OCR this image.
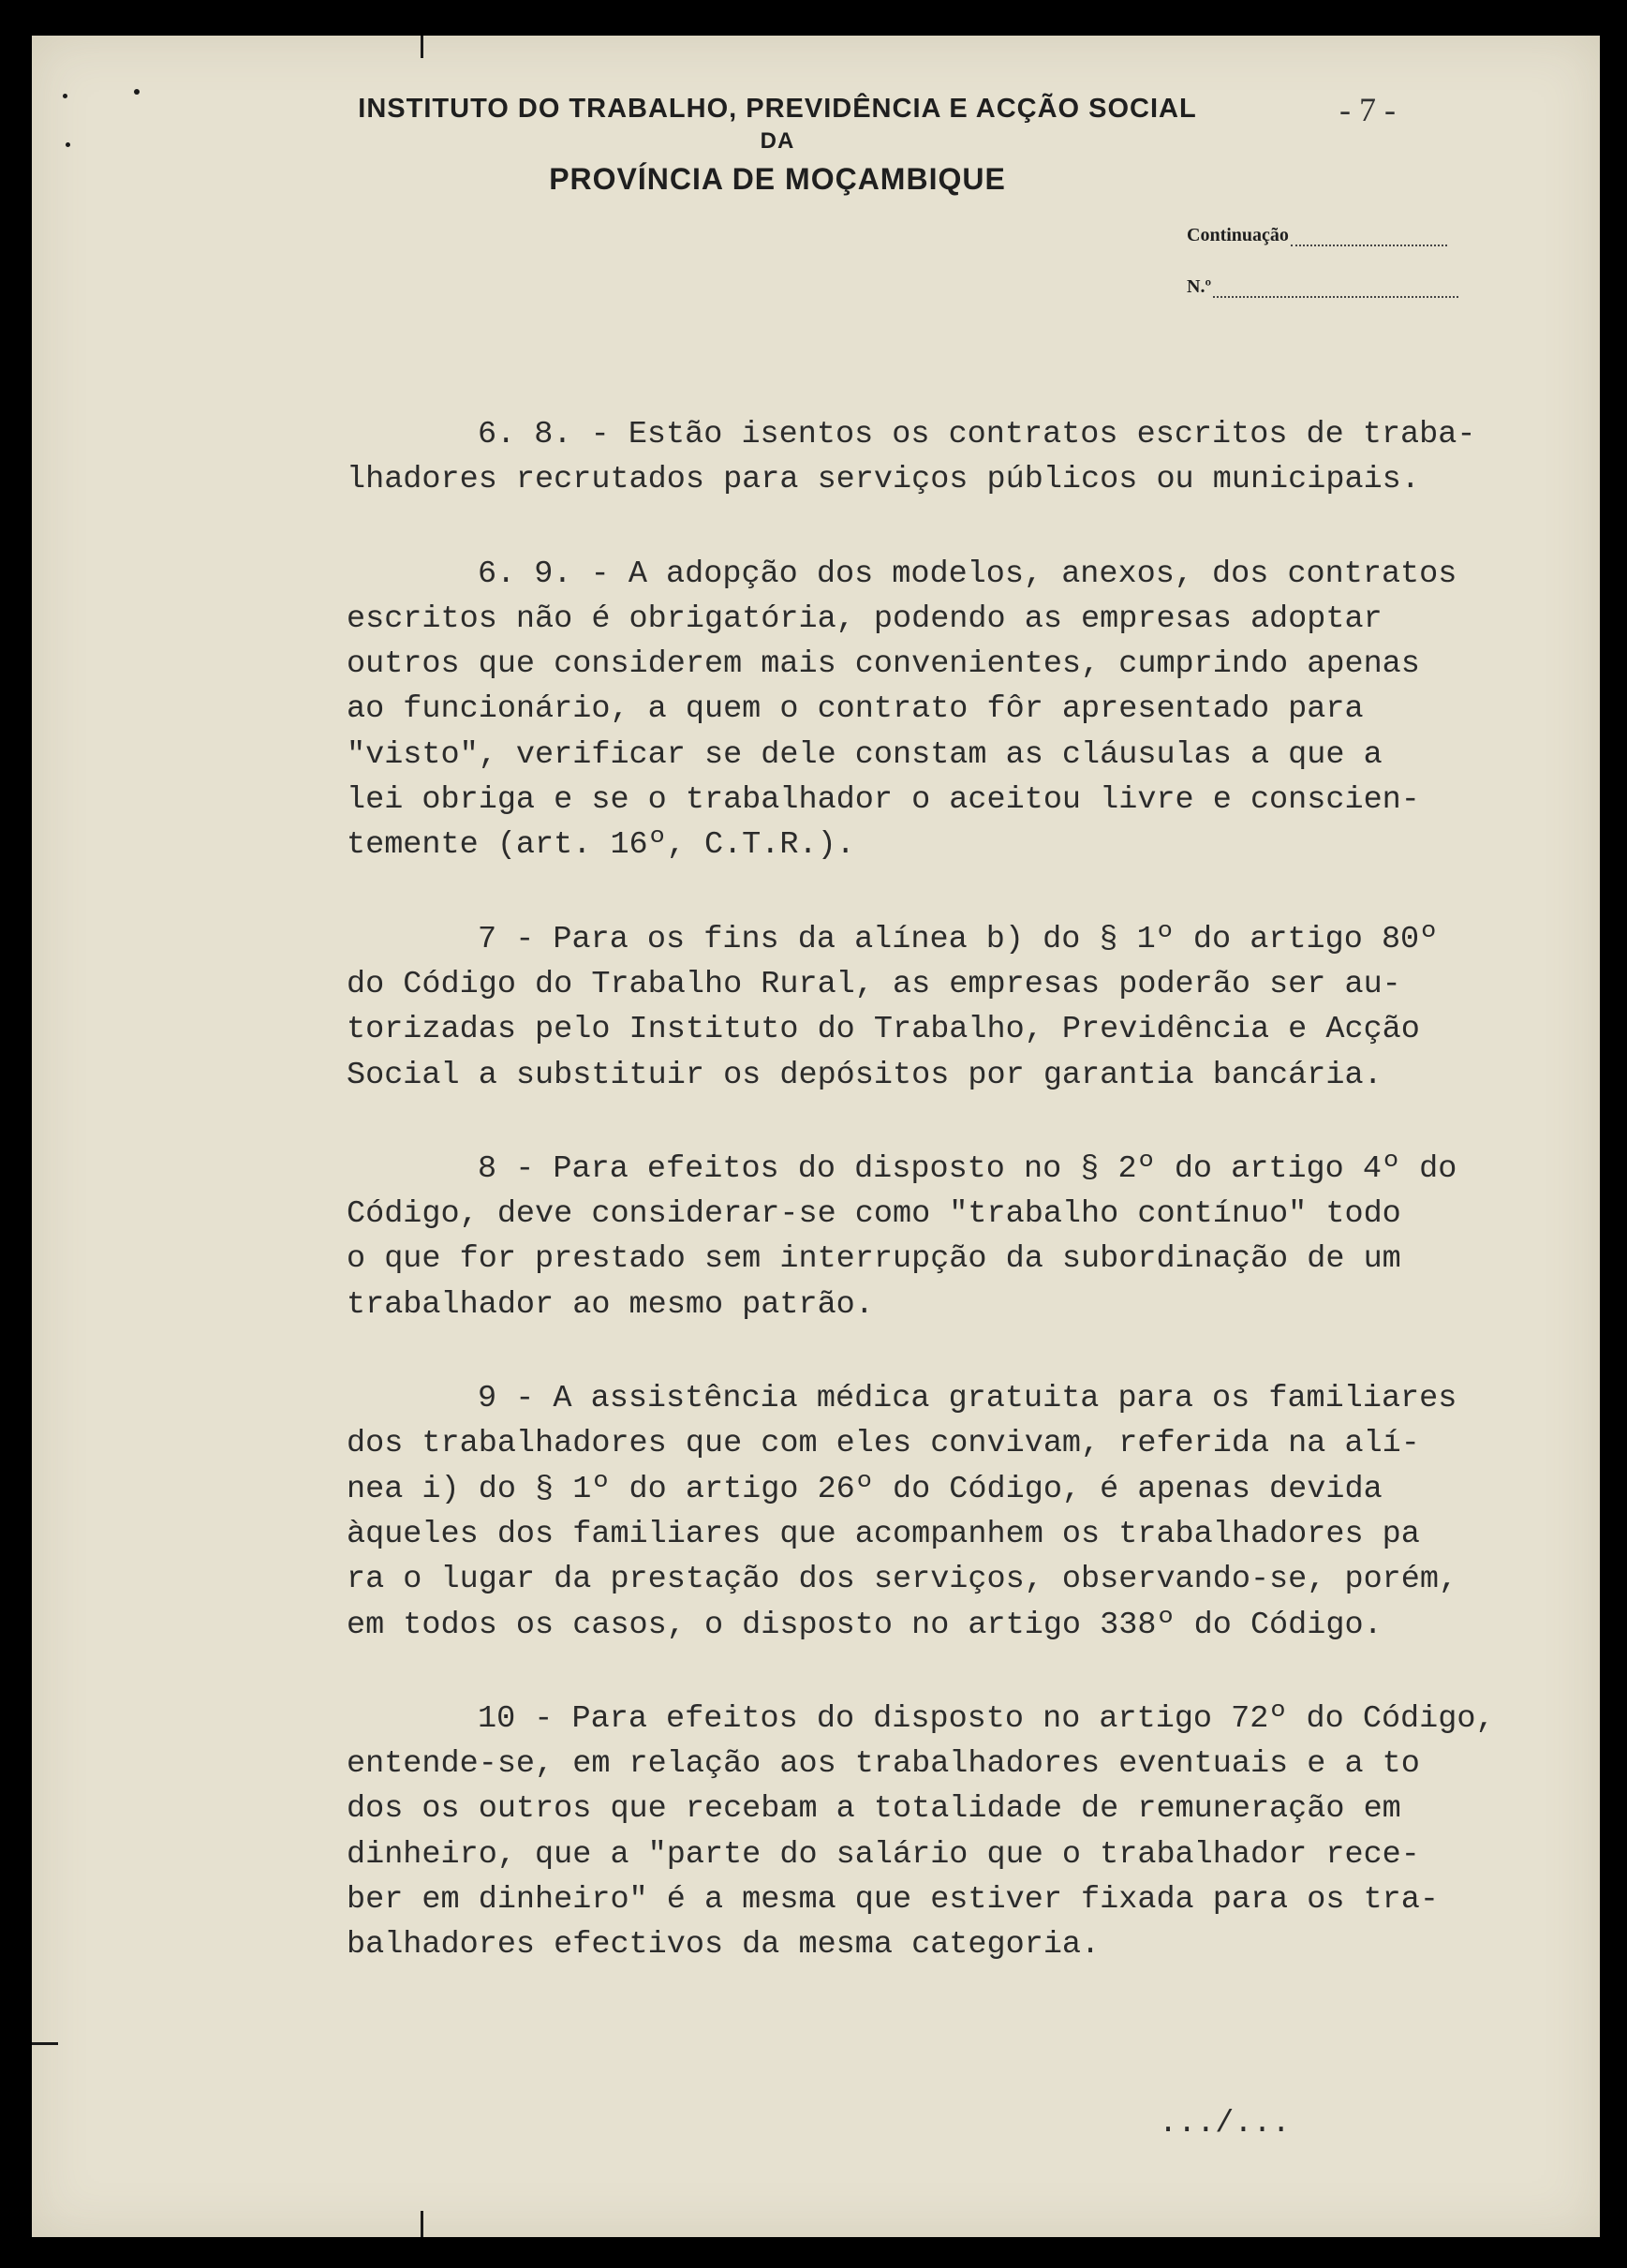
INSTITUTO DO TRABALHO, PREVIDÊNCIA E ACÇÃO SOCIAL
DA
PROVÍNCIA DE MOÇAMBIQUE
- 7 -
Continuação
N.º

6. 8. - Estão isentos os contratos escritos de traba-
lhadores recrutados para serviços públicos ou municipais.

6. 9. - A adopção dos modelos, anexos, dos contratos
escritos não é obrigatória, podendo as empresas adoptar
outros que considerem mais convenientes, cumprindo apenas
ao funcionário, a quem o contrato fôr apresentado para
"visto", verificar se dele constam as cláusulas a que a
lei obriga e se o trabalhador o aceitou livre e conscien-
temente (art. 16º, C.T.R.).

7 - Para os fins da alínea b) do § 1º do artigo 80º
do Código do Trabalho Rural, as empresas poderão ser au-
torizadas pelo Instituto do Trabalho, Previdência e Acção
Social a substituir os depósitos por garantia bancária.

8 - Para efeitos do disposto no § 2º do artigo 4º do
Código, deve considerar-se como "trabalho contínuo" todo
o que for prestado sem interrupção da subordinação de um
trabalhador ao mesmo patrão.

9 - A assistência médica gratuita para os familiares
dos trabalhadores que com eles convivam, referida na alí-
nea i) do § 1º do artigo 26º do Código, é apenas devida
àqueles dos familiares que acompanhem os trabalhadores pa
ra o lugar da prestação dos serviços, observando-se, porém,
em todos os casos, o disposto no artigo 338º do Código.

10 - Para efeitos do disposto no artigo 72º do Código,
entende-se, em relação aos trabalhadores eventuais e a to
dos os outros que recebam a totalidade de remuneração em
dinheiro, que a "parte do salário que o trabalhador rece-
ber em dinheiro" é a mesma que estiver fixada para os tra-
balhadores efectivos da mesma categoria.

.../...
